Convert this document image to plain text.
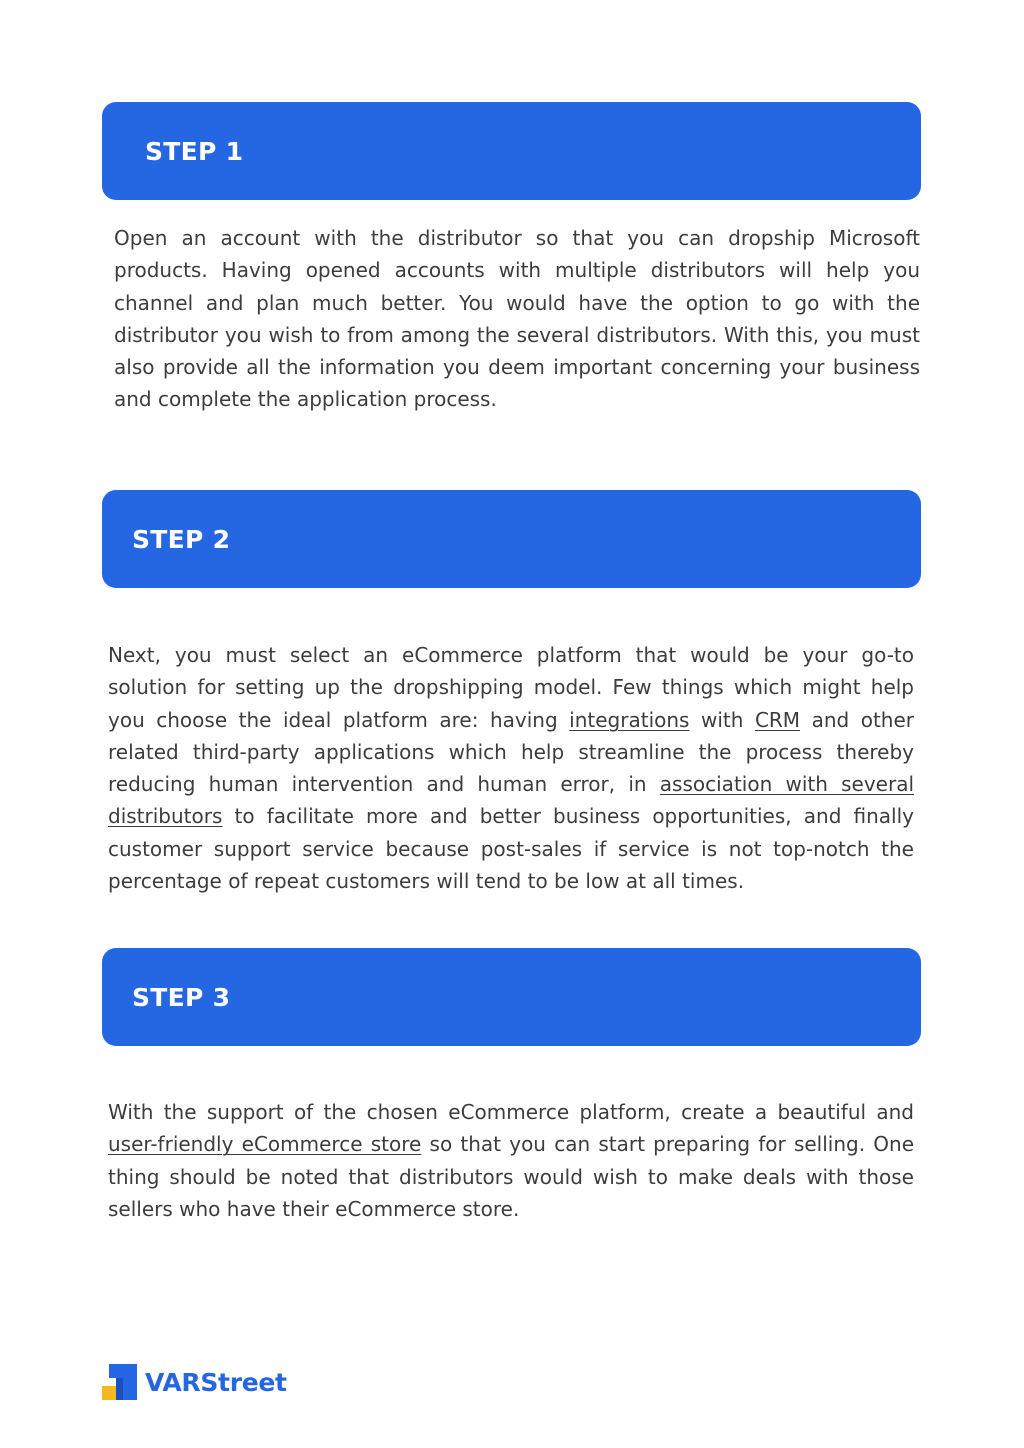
STEP 1

Open an account with the distributor so that you can dropship Microsoft products. Having opened accounts with multiple distributors will help you channel and plan much better. You would have the option to go with the distributor you wish to from among the several distributors. With this, you must also provide all the information you deem important concerning your business and complete the application process.

STEP 2

Next, you must select an eCommerce platform that would be your go-to solution for setting up the dropshipping model. Few things which might help you choose the ideal platform are: having integrations with CRM and other related third-party applications which help streamline the process thereby reducing human intervention and human error, in association with several distributors to facilitate more and better business opportunities, and finally customer support service because post-sales if service is not top-notch the percentage of repeat customers will tend to be low at all times.

STEP 3

With the support of the chosen eCommerce platform, create a beautiful and user-friendly eCommerce store so that you can start preparing for selling. One thing should be noted that distributors would wish to make deals with those sellers who have their eCommerce store.

VARStreet
